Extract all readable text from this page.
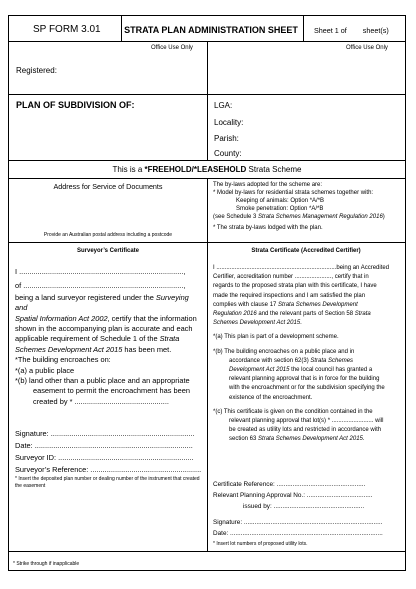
SP FORM 3.01	STRATA PLAN ADMINISTRATION SHEET	Sheet 1 of        sheet(s)
Office Use Only	Office Use Only
Registered:
PLAN OF SUBDIVISION OF:	LGA:
Locality:
Parish:
County:
This is a *FREEHOLD/*LEASEHOLD Strata Scheme
Address for Service of Documents
Provide an Australian postal address including a postcode

The by-laws adopted for the scheme are:

* Model by-laws for residential strata schemes together with:

Keeping of animals: Option *A/*B

Smoke penetration: Option *A/*B

(see Schedule 3 Strata Schemes Management Regulation 2016)

* The strata by-laws lodged with the plan.

Surveyor’s Certificate

I ................................................................................,

of ..............................................................................,

being a land surveyor registered under the Surveying and

Spatial Information Act 2002, certify that the information

shown in the accompanying plan is accurate and each

applicable requirement of Schedule 1 of the Strata

Schemes Development Act 2015 has been met.

*The building encroaches on:

*(a) a public place

*(b) land other than a public place and an appropriate

easement to permit the encroachment has been

created by * ..............................................

Signature: ......................................................................

Date: .............................................................................

Surveyor ID: ..................................................................

Surveyor’s Reference: ......................................................

* Insert the deposited plan number or dealing number of the instrument that created the easement
Strata Certificate (Accredited Certifier)

I ........................................................................being an Accredited

Certifier, accreditation number ......................, certify that in

regards to the proposed strata plan with this certificate, I have

made the required inspections and I am satisfied the plan

complies with clause 17 Strata Schemes Development

Regulation 2016 and the relevant parts of Section 58 Strata

Schemes Development Act 2015.

*(a) This plan is part of a development scheme.

*(b) The building encroaches on a public place and in

accordance with section 62(3) Strata Schemes

Development Act 2015 the local council has granted a

relevant planning approval that is in force for the building

with the encroachment or for the subdivision specifying the

existence of the encroachment.

*(c) This certificate is given on the condition contained in the

relevant planning approval that lot(s) * ......................... will

be created as utility lots and restricted in accordance with

section 63 Strata Schemes Development Act 2015.

Certificate Reference: ..................................................

Relevant Planning Approval No.: .....................................

issued by: ...................................................

Signature: ..............................................................................

Date: ......................................................................................

* Insert lot numbers of proposed utility lots.
* Strike through if inapplicable
